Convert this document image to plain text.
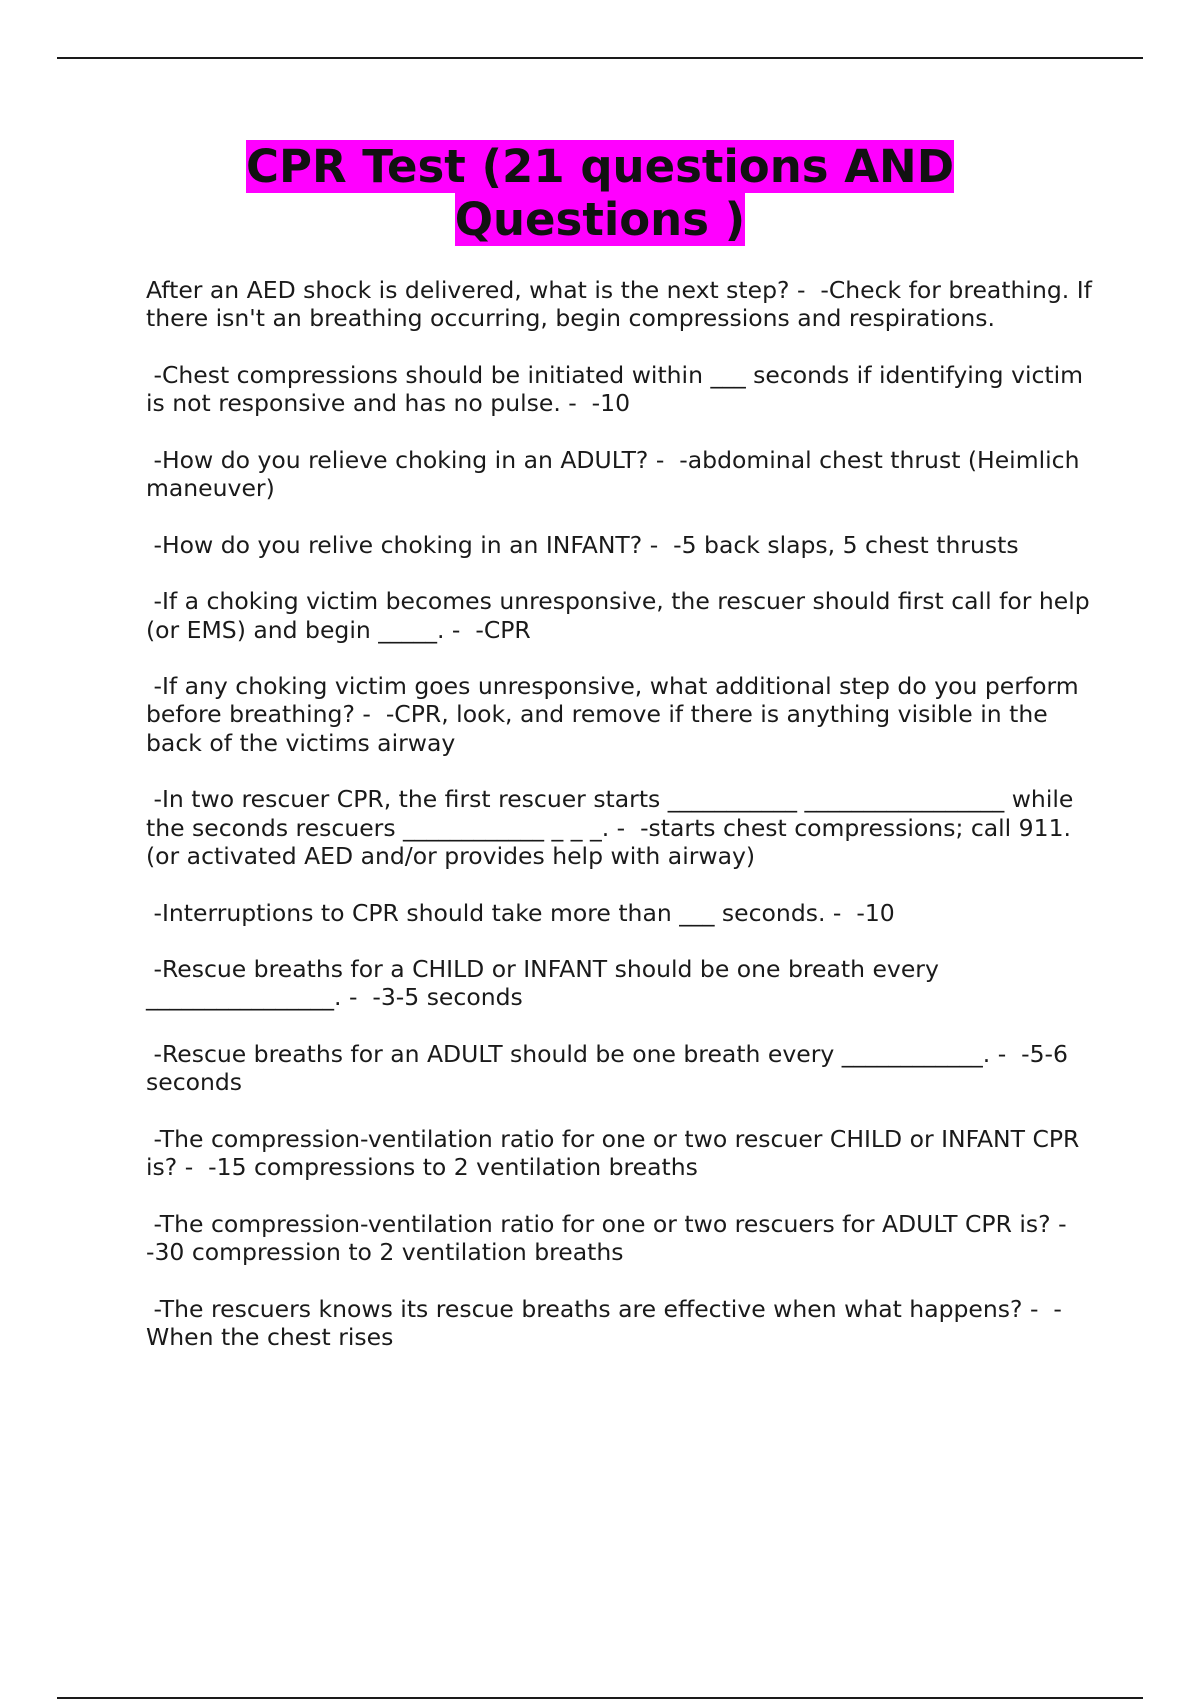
CPR Test (21 questions AND
Questions )

After an AED shock is delivered, what is the next step? -  -Check for breathing. If there isn't an breathing occurring, begin compressions and respirations.

-Chest compressions should be initiated within ___ seconds if identifying victim is not responsive and has no pulse. -  -10

-How do you relieve choking in an ADULT? -  -abdominal chest thrust (Heimlich maneuver)

-How do you relive choking in an INFANT? -  -5 back slaps, 5 chest thrusts

-If a choking victim becomes unresponsive, the rescuer should first call for help (or EMS) and begin _____. -  -CPR

-If any choking victim goes unresponsive, what additional step do you perform before breathing? -  -CPR, look, and remove if there is anything visible in the back of the victims airway

-In two rescuer CPR, the first rescuer starts ___________ _________________ while the seconds rescuers ____________ _ _ _. -  -starts chest compressions; call 911. (or activated AED and/or provides help with airway)

-Interruptions to CPR should take more than ___ seconds. -  -10

-Rescue breaths for a CHILD or INFANT should be one breath every ________________. -  -3-5 seconds

-Rescue breaths for an ADULT should be one breath every ____________. -  -5-6 seconds

-The compression-ventilation ratio for one or two rescuer CHILD or INFANT CPR is? -  -15 compressions to 2 ventilation breaths

-The compression-ventilation ratio for one or two rescuers for ADULT CPR is? -  -30 compression to 2 ventilation breaths

-The rescuers knows its rescue breaths are effective when what happens? -  -When the chest rises
